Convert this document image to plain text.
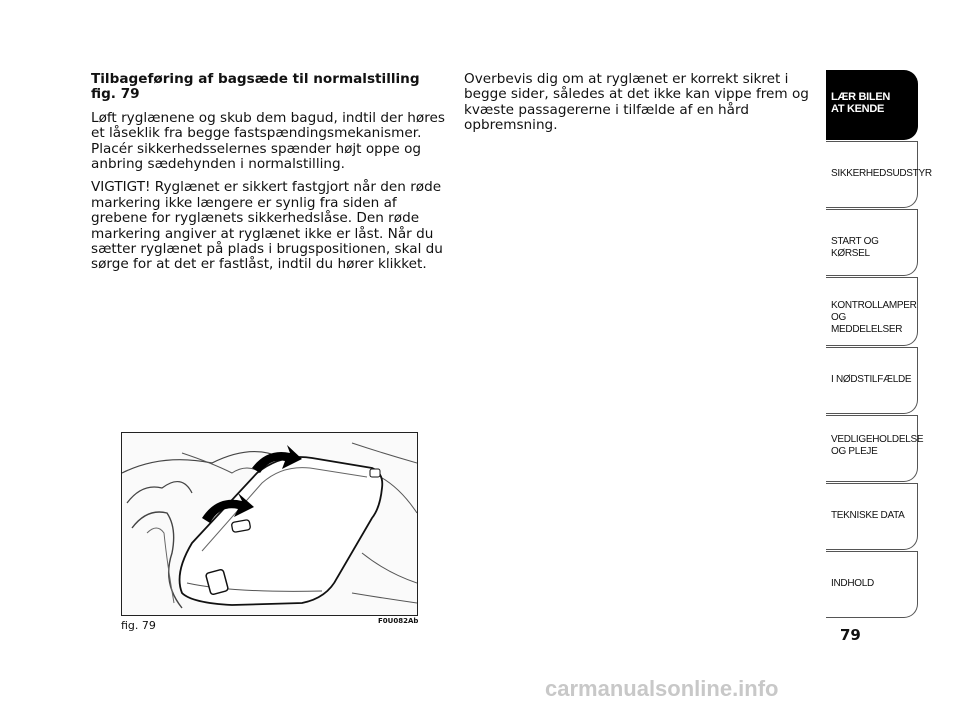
Tilbageføring af bagsæde til normalstilling fig. 79

Løft ryglænene og skub dem bagud, indtil der høres et låseklik fra begge fastspændingsmekanismer.

Placér sikkerhedsselernes spænder højt oppe og anbring sædehynden i normalstilling.

VIGTIGT! Ryglænet er sikkert fastgjort når den røde markering ikke længere er synlig fra siden af grebene for ryglænets sikkerhedslåse. Den røde markering angiver at ryglænet ikke er låst. Når du sætter ryglænet på plads i brugspositionen, skal du sørge for at det er fastlåst, indtil du hører klikket.

Overbevis dig om at ryglænet er korrekt sikret i begge sider, således at det ikke kan vippe frem og kvæste passagererne i tilfælde af en hård opbremsning.

fig. 79	F0U082Ab
LÆR BILEN
AT KENDE
SIKKERHEDSUDSTYR
START OG KØRSEL
KONTROLLAMPER
OG MEDDELELSER
I NØDSTILFÆLDE
VEDLIGEHOLDELSE
OG PLEJE
TEKNISKE DATA
INDHOLD
79
carmanualsonline.info
